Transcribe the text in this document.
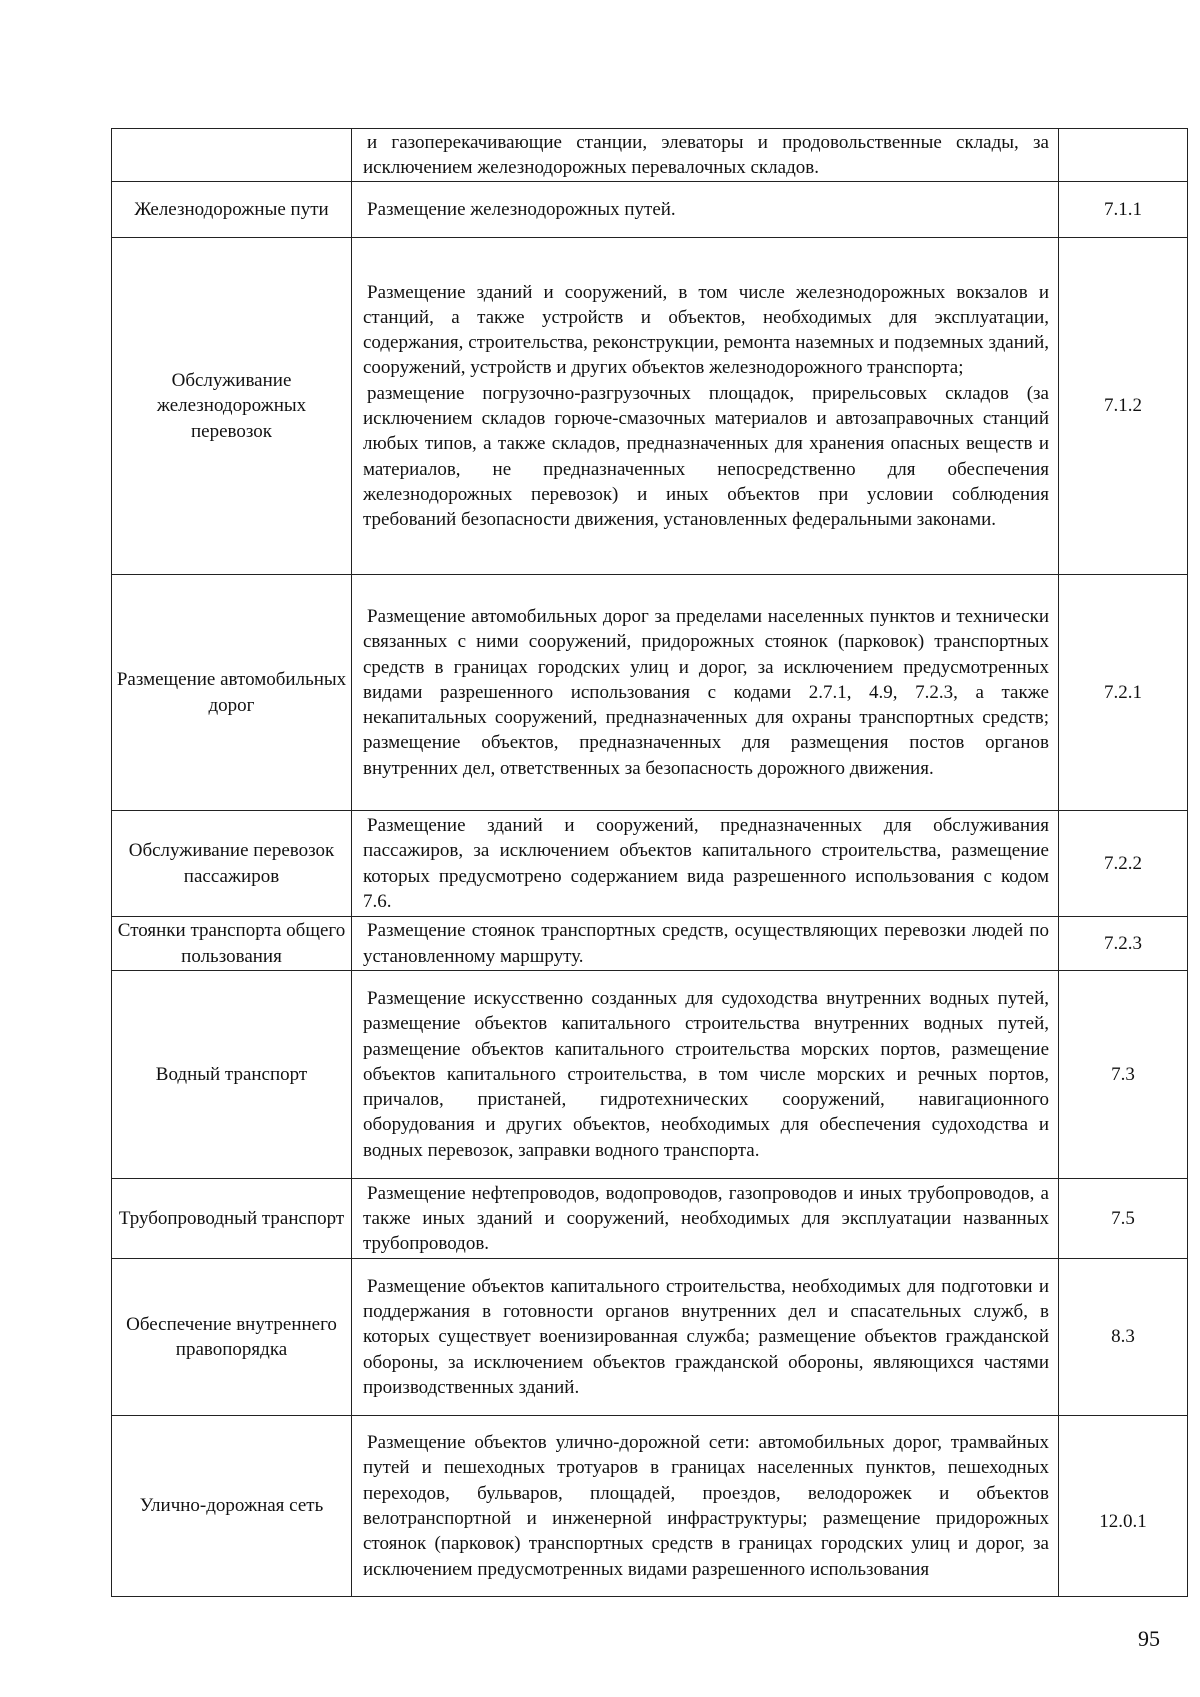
	и газоперекачивающие станции, элеваторы и продовольственные склады, за исключением железнодорожных перевалочных складов.	

Железнодорожные пути	Размещение железнодорожных путей.	7.1.1
Обслуживание железнодорожных перевозок	Размещение зданий и сооружений, в том числе железнодорожных вокзалов и станций, а также устройств и объектов, необходимых для эксплуатации, содержания, строительства, реконструкции, ремонта наземных и подземных зданий, сооружений, устройств и других объектов железнодорожного транспорта;

размещение погрузочно-разгрузочных площадок, прирельсовых складов (за исключением складов горюче-смазочных материалов и автозаправочных станций любых типов, а также складов, предназначенных для хранения опасных веществ и материалов, не предназначенных непосредственно для обеспечения железнодорожных перевозок) и иных объектов при условии соблюдения требований безопасности движения, установленных федеральными законами.	7.1.2
Размещение автомобильных дорог	Размещение автомобильных дорог за пределами населенных пунктов и технически связанных с ними сооружений, придорожных стоянок (парковок) транспортных средств в границах городских улиц и дорог, за исключением предусмотренных видами разрешенного использования с кодами 2.7.1, 4.9, 7.2.3, а также некапитальных сооружений, предназначенных для охраны транспортных средств; размещение объектов, предназначенных для размещения постов органов внутренних дел, ответственных за безопасность дорожного движения.	7.2.1
Обслуживание перевозок пассажиров	Размещение зданий и сооружений, предназначенных для обслуживания пассажиров, за исключением объектов капитального строительства, размещение которых предусмотрено содержанием вида разрешенного использования с кодом 7.6.	7.2.2
Стоянки транспорта общего пользования	Размещение стоянок транспортных средств, осуществляющих перевозки людей по установленному маршруту.	7.2.3
Водный транспорт	Размещение искусственно созданных для судоходства внутренних водных путей, размещение объектов капитального строительства внутренних водных путей, размещение объектов капитального строительства морских портов, размещение объектов капитального строительства, в том числе морских и речных портов, причалов, пристаней, гидротехнических сооружений, навигационного оборудования и других объектов, необходимых для обеспечения судоходства и водных перевозок, заправки водного транспорта.	7.3
Трубопроводный транспорт	Размещение нефтепроводов, водопроводов, газопроводов и иных трубопроводов, а также иных зданий и сооружений, необходимых для эксплуатации названных трубопроводов.	7.5
Обеспечение внутреннего правопорядка	Размещение объектов капитального строительства, необходимых для подготовки и поддержания в готовности органов внутренних дел и спасательных служб, в которых существует военизированная служба; размещение объектов гражданской обороны, за исключением объектов гражданской обороны, являющихся частями производственных зданий.	8.3
Улично-дорожная сеть	Размещение объектов улично-дорожной сети: автомобильных дорог, трамвайных путей и пешеходных тротуаров в границах населенных пунктов, пешеходных переходов, бульваров, площадей, проездов, велодорожек и объектов велотранспортной и инженерной инфраструктуры; размещение придорожных стоянок (парковок) транспортных средств в границах городских улиц и дорог, за исключением предусмотренных видами разрешенного использования	12.0.1
95
